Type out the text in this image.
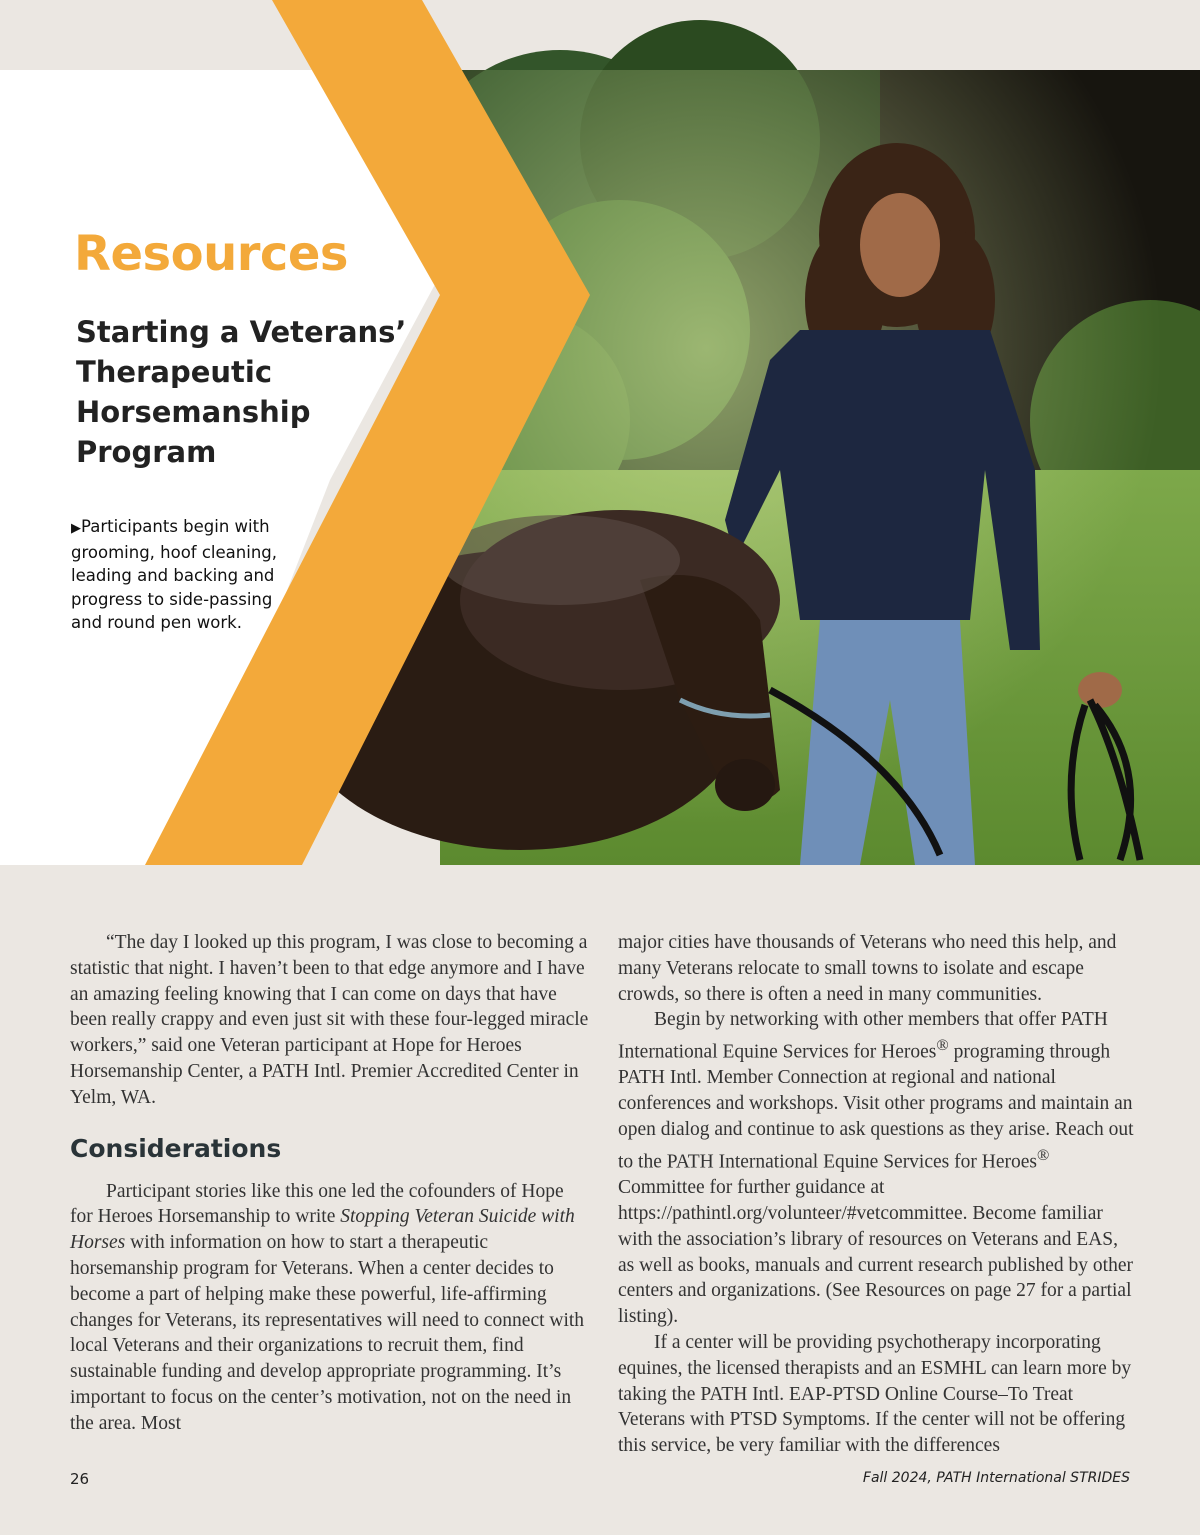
Resources
Starting a Veterans’ Therapeutic Horsemanship Program

▶Participants begin with grooming, hoof cleaning, leading and backing and progress to side-passing and round pen work.

“The day I looked up this program, I was close to becoming a statistic that night. I haven’t been to that edge anymore and I have an amazing feeling knowing that I can come on days that have been really crappy and even just sit with these four-legged miracle workers,” said one Veteran participant at Hope for Heroes Horsemanship Center, a PATH Intl. Premier Accredited Center in Yelm, WA.

Considerations

Participant stories like this one led the cofounders of Hope for Heroes Horsemanship to write Stopping Veteran Suicide with Horses with information on how to start a therapeutic horsemanship program for Veterans. When a center decides to become a part of helping make these powerful, life-affirming changes for Veterans, its representatives will need to connect with local Veterans and their organizations to recruit them, find sustainable funding and develop appropriate programming. It’s important to focus on the center’s motivation, not on the need in the area. Most

major cities have thousands of Veterans who need this help, and many Veterans relocate to small towns to isolate and escape crowds, so there is often a need in many communities.

Begin by networking with other members that offer PATH International Equine Services for Heroes® programing through PATH Intl. Member Connection at regional and national conferences and workshops. Visit other programs and maintain an open dialog and continue to ask questions as they arise. Reach out to the PATH International Equine Services for Heroes® Committee for further guidance at https://pathintl.org/volunteer/#vetcommittee. Become familiar with the association’s library of resources on Veterans and EAS, as well as books, manuals and current research published by other centers and organizations. (See Resources on page 27 for a partial listing).

If a center will be providing psychotherapy incorporating equines, the licensed therapists and an ESMHL can learn more by taking the PATH Intl. EAP-PTSD Online Course–To Treat Veterans with PTSD Symptoms. If the center will not be offering this service, be very familiar with the differences

26	Fall 2024, PATH International STRIDES
